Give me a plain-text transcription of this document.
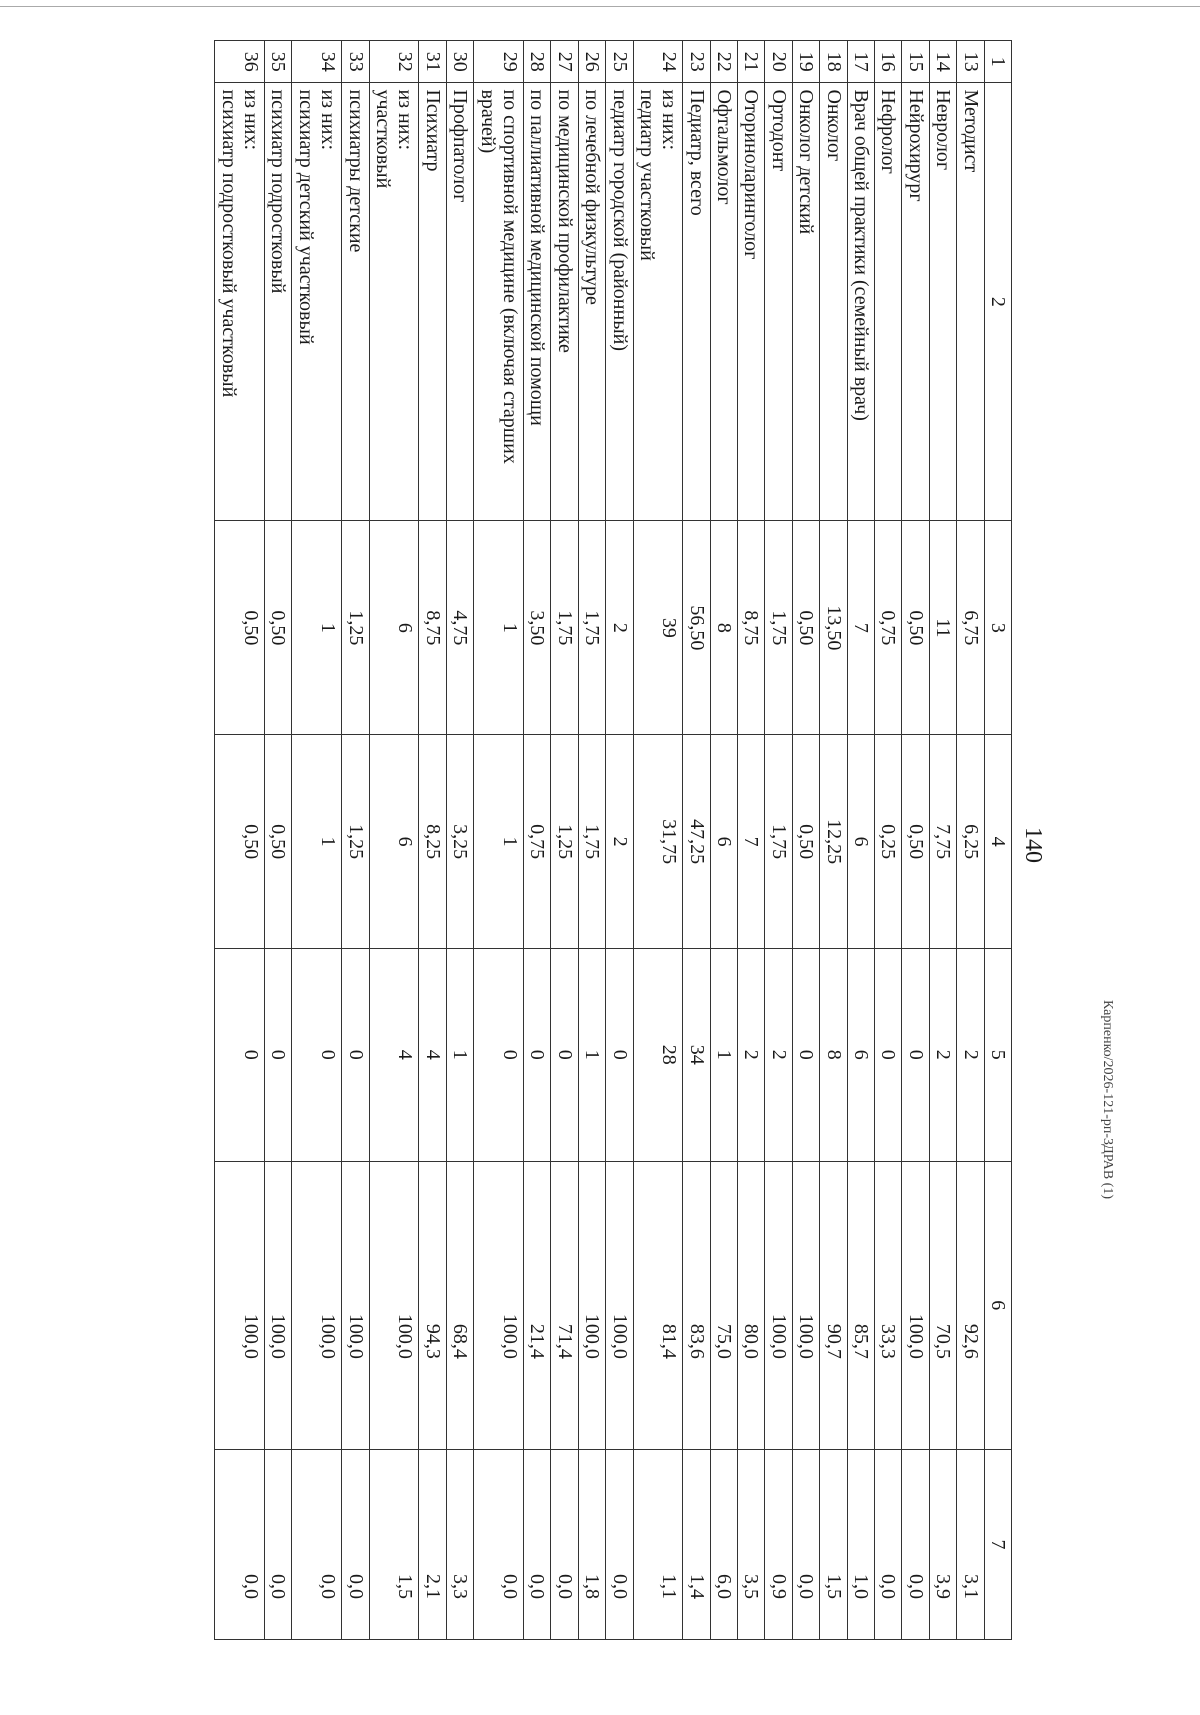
140
1	2	3	4	5	6	7
13	Методист	6,75	6,25	2	92,6	3,1
14	Невролог	11	7,75	2	70,5	3,9
15	Нейрохирург	0,50	0,50	0	100,0	0,0
16	Нефролог	0,75	0,25	0	33,3	0,0
17	Врач общей практики (семейный врач)	7	6	6	85,7	1,0
18	Онколог	13,50	12,25	8	90,7	1,5
19	Онколог детский	0,50	0,50	0	100,0	0,0
20	Ортодонт	1,75	1,75	2	100,0	0,9
21	Оториноларинголог	8,75	7	2	80,0	3,5
22	Офтальмолог	8	6	1	75,0	6,0
23	Педиатр, всего	56,50	47,25	34	83,6	1,4
24	из них:
педиатр участковый	39	31,75	28	81,4	1,1
25	педиатр городской (районный)	2	2	0	100,0	0,0
26	по лечебной физкультуре	1,75	1,75	1	100,0	1,8
27	по медицинской профилактике	1,75	1,25	0	71,4	0,0
28	по паллиативной медицинской помощи	3,50	0,75	0	21,4	0,0
29	по спортивной медицине (включая старших врачей)	1	1	0	100,0	0,0
30	Профпатолог	4,75	3,25	1	68,4	3,3
31	Психиатр	8,75	8,25	4	94,3	2,1
32	из них:
участковый	6	6	4	100,0	1,5
33	психиатры детские	1,25	1,25	0	100,0	0,0
34	из них:
психиатр детский участковый	1	1	0	100,0	0,0
35	психиатр подростковый	0,50	0,50	0	100,0	0,0
36	из них:
психиатр подростковый участковый	0,50	0,50	0	100,0	0,0
Карпенко/2026-121-рп-ЗДРАВ (1)
